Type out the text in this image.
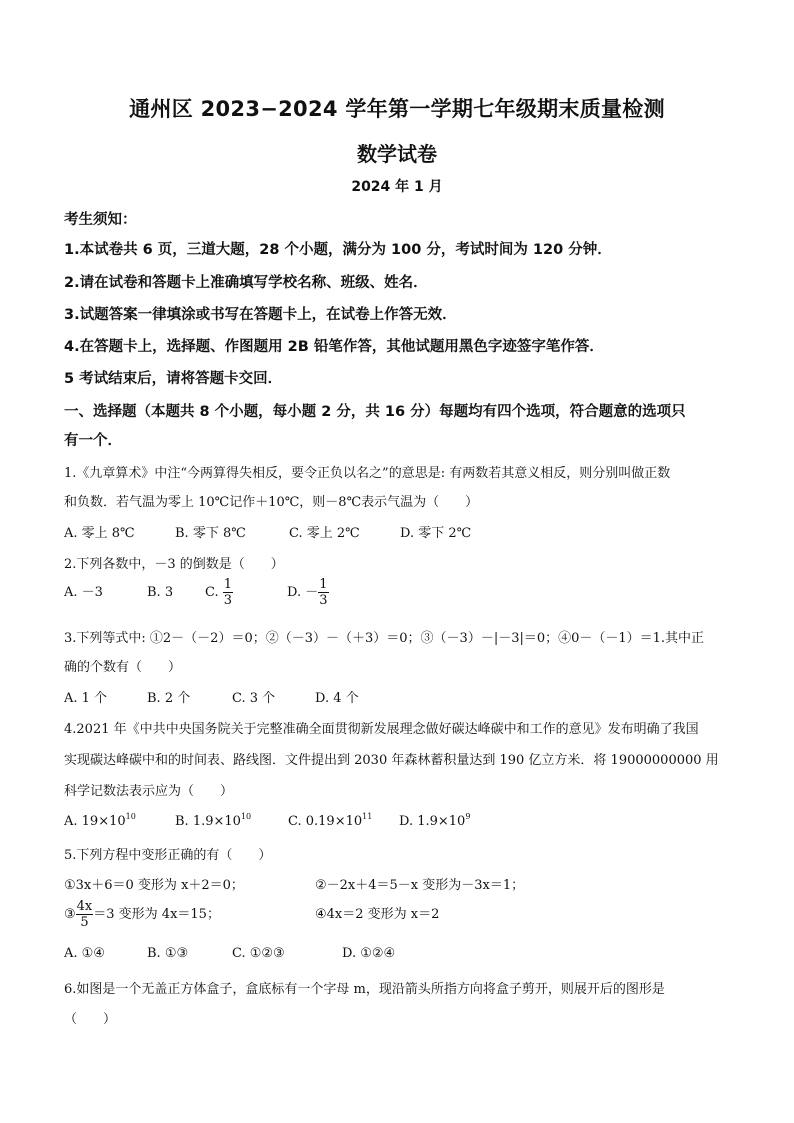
通州区 2023−2024 学年第一学期七年级期末质量检测
数学试卷
2024 年 1 月
考生须知：
1.本试卷共 6 页，三道大题，28 个小题，满分为 100 分，考试时间为 120 分钟．
2.请在试卷和答题卡上准确填写学校名称、班级、姓名．
3.试题答案一律填涂或书写在答题卡上，在试卷上作答无效．
4.在答题卡上，选择题、作图题用 2B 铅笔作答，其他试题用黑色字迹签字笔作答．
5 考试结束后，请将答题卡交回．
一、选择题（本题共 8 个小题，每小题 2 分，共 16 分）每题均有四个选项，符合题意的选项只
有一个．
1.《九章算术》中注“今两算得失相反，要令正负以名之”的意思是: 有两数若其意义相反，则分别叫做正数
和负数．若气温为零上 10℃记作＋10℃，则－8℃表示气温为（　　）
A. 零上 8℃	B. 零下 8℃	C. 零上 2℃	D. 零下 2℃
2.下列各数中，－3 的倒数是（　　）
A. －3	B. 3 C. $\frac{1}{3}$	D. － $\frac{1}{3}$
3.下列等式中: ①2－（－2）＝0；②（－3）－（＋3）＝0；③（－3）－|－3|＝0；④0－（－1）＝1.其中正
确的个数有（　　）
A. 1 个	B. 2 个	C. 3 个	D. 4 个
4.2021 年《中共中央国务院关于完整准确全面贯彻新发展理念做好碳达峰碳中和工作的意见》发布明确了我国
实现碳达峰碳中和的时间表、路线图．文件提出到 2030 年森林蓄积量达到 190 亿立方米．将 19000000000 用
科学记数法表示应为（　　）
A. $19\times 10^{10}$	B. $1.9\times 10^{10}$	C. $0.19\times 10^{11}$ D. $1.9\times 10^9$
5.下列方程中变形正确的有（　　）
①3x＋6＝0 变形为 x＋2＝0；	②－2x＋4＝5－x 变形为－3x＝1；
③ $\frac{4x}{5} =3$ 变形为 4x＝15；	④4x＝2 变形为 x＝2
A. ①④	B. ①③	C. ①②③	D. ①②④
6.如图是一个无盖正方体盒子，盒底标有一个字母 m，现沿箭头所指方向将盒子剪开，则展开后的图形是
（　　）
